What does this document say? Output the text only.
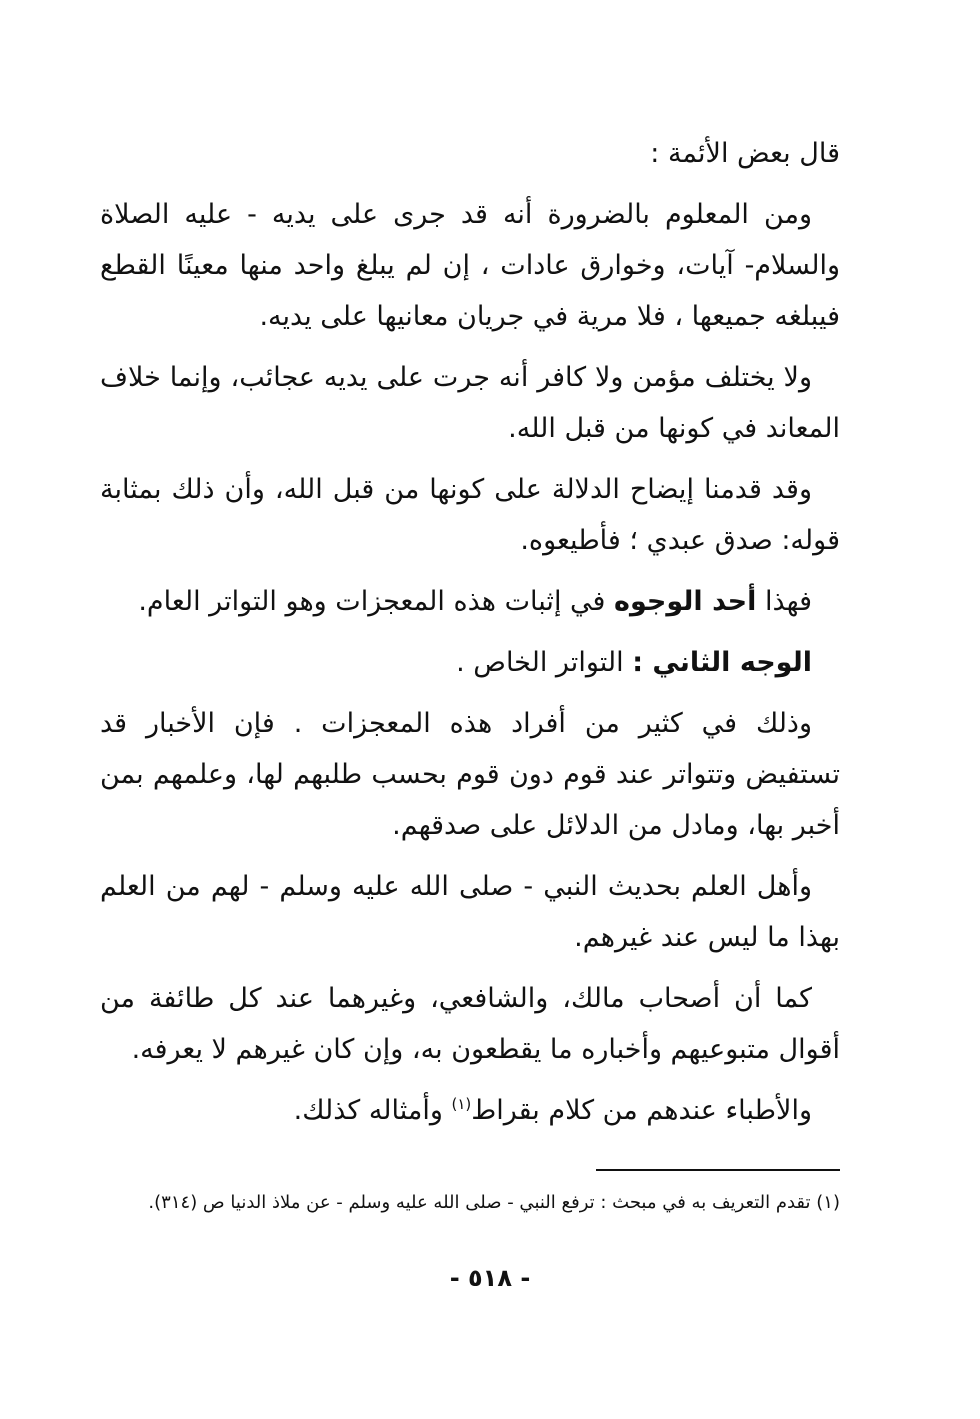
قال بعض الأئمة :

ومن المعلوم بالضرورة أنه قد جرى على يديه - عليه الصلاة والسلام- آيات، وخوارق عادات ، إن لم يبلغ واحد منها معينًا القطع فيبلغه جميعها ، فلا مرية في جريان معانيها على يديه.

ولا يختلف مؤمن ولا كافر أنه جرت على يديه عجائب، وإنما خلاف المعاند في كونها من قبل الله.

وقد قدمنا إيضاح الدلالة على كونها من قبل الله، وأن ذلك بمثابة قوله: صدق عبدي ؛ فأطيعوه.

فهذا أحد الوجوه في إثبات هذه المعجزات وهو التواتر العام.

الوجه الثاني : التواتر الخاص .

وذلك في كثير من أفراد هذه المعجزات . فإن الأخبار قد تستفيض وتتواتر عند قوم دون قوم بحسب طلبهم لها، وعلمهم بمن أخبر بها، ومادل من الدلائل على صدقهم.

وأهل العلم بحديث النبي - صلى الله عليه وسلم - لهم من العلم بهذا ما ليس عند غيرهم.

كما أن أصحاب مالك، والشافعي، وغيرهما عند كل طائفة من أقوال متبوعيهم وأخباره ما يقطعون به، وإن كان غيرهم لا يعرفه.

والأطباء عندهم من كلام بقراط$^{(١)}$ وأمثاله كذلك.

(١) تقدم التعريف به في مبحث : ترفع النبي - صلى الله عليه وسلم - عن ملاذ الدنيا ص (٣١٤).
- ٥١٨ -
